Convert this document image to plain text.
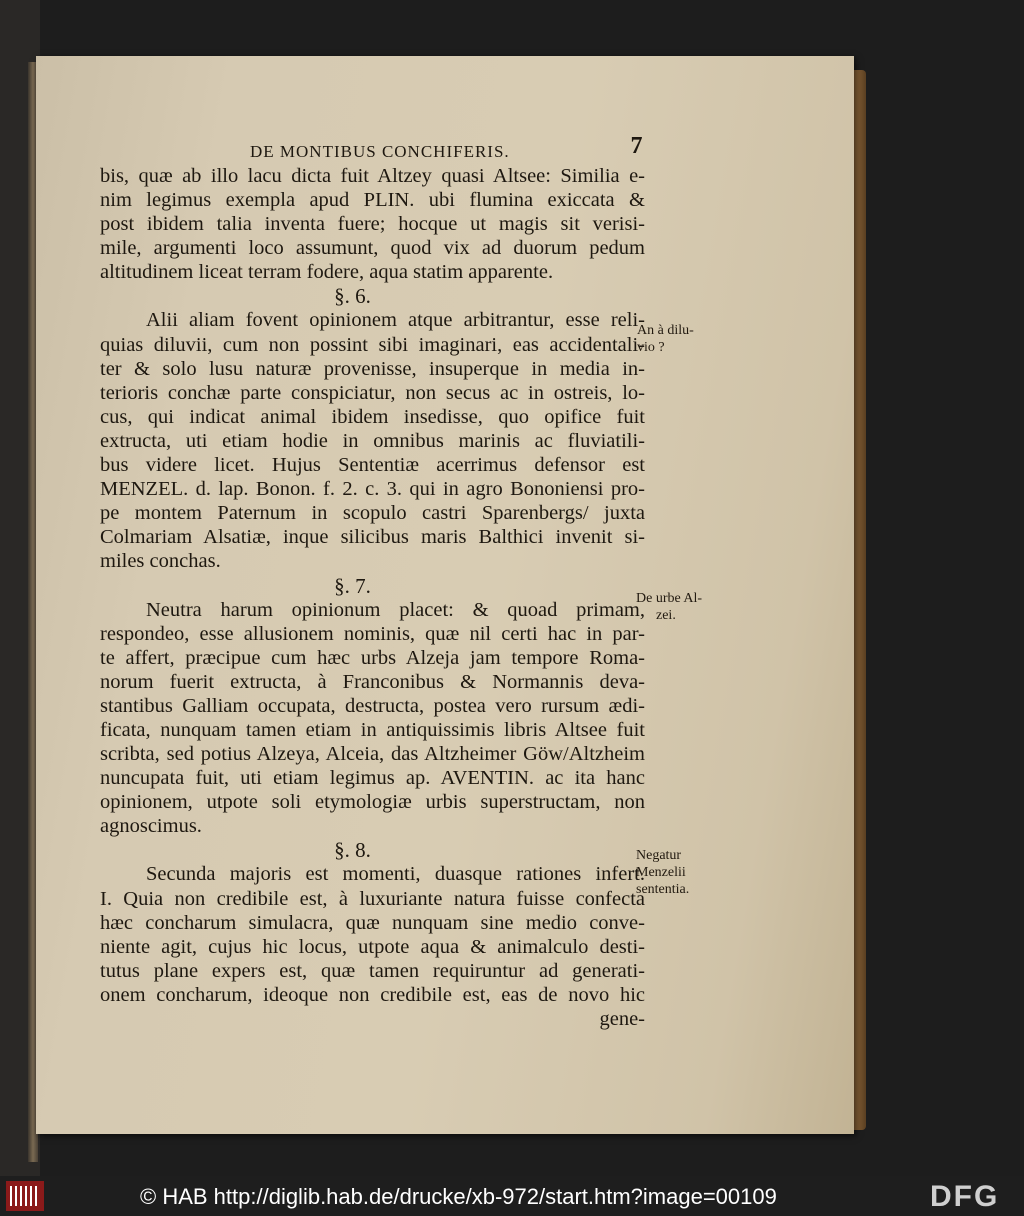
DE MONTIBUS CONCHIFERIS.	7
bis, quæ ab illo lacu dicta fuit Altzey quasi Altsee: Similia e-
nim legimus exempla apud PLIN. ubi flumina exiccata &
post ibidem talia inventa fuere; hocque ut magis sit verisi-
mile, argumenti loco assumunt, quod vix ad duorum pedum
altitudinem liceat terram fodere, aqua statim apparente.
§. 6.
Alii aliam fovent opinionem atque arbitrantur, esse reli-
quias diluvii, cum non possint sibi imaginari, eas accidentali-
ter & solo lusu naturæ provenisse, insuperque in media in-
terioris conchæ parte conspiciatur, non secus ac in ostreis, lo-
cus, qui indicat animal ibidem insedisse, quo opifice fuit
extructa, uti etiam hodie in omnibus marinis ac fluviatili-
bus videre licet. Hujus Sententiæ acerrimus defensor est
MENZEL. d. lap. Bonon. f. 2. c. 3. qui in agro Bononiensi pro-
pe montem Paternum in scopulo castri Sparenbergs/ juxta
Colmariam Alsatiæ, inque silicibus maris Balthici invenit si-
miles conchas.
§. 7.
Neutra harum opinionum placet: & quoad primam,
respondeo, esse allusionem nominis, quæ nil certi hac in par-
te affert, præcipue cum hæc urbs Alzeja jam tempore Roma-
norum fuerit extructa, à Franconibus & Normannis deva-
stantibus Galliam occupata, destructa, postea vero rursum ædi-
ficata, nunquam tamen etiam in antiquissimis libris Altsee fuit
scribta, sed potius Alzeya, Alceia, das Altzheimer Göw/Altzheim
nuncupata fuit, uti etiam legimus ap. AVENTIN. ac ita hanc
opinionem, utpote soli etymologiæ urbis superstructam, non
agnoscimus.
§. 8.
Secunda majoris est momenti, duasque rationes infert.
I. Quia non credibile est, à luxuriante natura fuisse confecta
hæc concharum simulacra, quæ nunquam sine medio conve-
niente agit, cujus hic locus, utpote aqua & animalculo desti-
tutus plane expers est, quæ tamen requiruntur ad generati-
onem concharum, ideoque non credibile est, eas de novo hic
gene-
An à dilu-
vio ?
De urbe Al-
zei.
Negatur
Menzelii
sententia.
© HAB http://diglib.hab.de/drucke/xb-972/start.htm?image=00109	DFG
